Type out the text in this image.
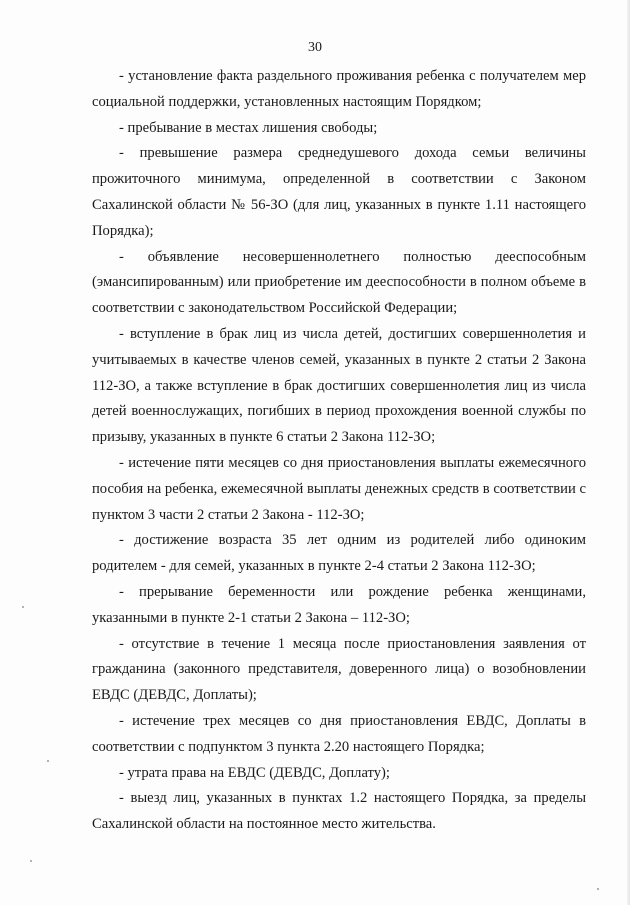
30

- установление факта раздельного проживания ребенка с получателем мер социальной поддержки, установленных настоящим Порядком;

- пребывание в местах лишения свободы;

- превышение размера среднедушевого дохода семьи величины прожиточного минимума, определенной в соответствии с Законом Сахалинской области № 56-ЗО (для лиц, указанных в пункте 1.11 настоящего Порядка);

- объявление несовершеннолетнего полностью дееспособным (эмансипированным) или приобретение им дееспособности в полном объеме в соответствии с законодательством Российской Федерации;

- вступление в брак лиц из числа детей, достигших совершеннолетия и учитываемых в качестве членов семей, указанных в пункте 2 статьи 2 Закона 112-ЗО, а также вступление в брак достигших совершеннолетия лиц из числа детей военнослужащих, погибших в период прохождения военной службы по призыву, указанных в пункте 6 статьи 2 Закона 112-ЗО;

- истечение пяти месяцев со дня приостановления выплаты ежемесячного пособия на ребенка, ежемесячной выплаты денежных средств в соответствии с пунктом 3 части 2 статьи 2 Закона - 112-ЗО;

- достижение возраста 35 лет одним из родителей либо одиноким родителем - для семей, указанных в пункте 2-4 статьи 2 Закона 112-ЗО;

- прерывание беременности или рождение ребенка женщинами, указанными в пункте 2-1 статьи 2 Закона – 112-ЗО;

- отсутствие в течение 1 месяца после приостановления заявления от гражданина (законного представителя, доверенного лица) о возобновлении ЕВДС (ДЕВДС, Доплаты);

- истечение трех месяцев со дня приостановления ЕВДС, Доплаты в соответствии с подпунктом 3 пункта 2.20 настоящего Порядка;

- утрата права на ЕВДС (ДЕВДС, Доплату);

- выезд лиц, указанных в пунктах 1.2 настоящего Порядка, за пределы Сахалинской области на постоянное место жительства.
